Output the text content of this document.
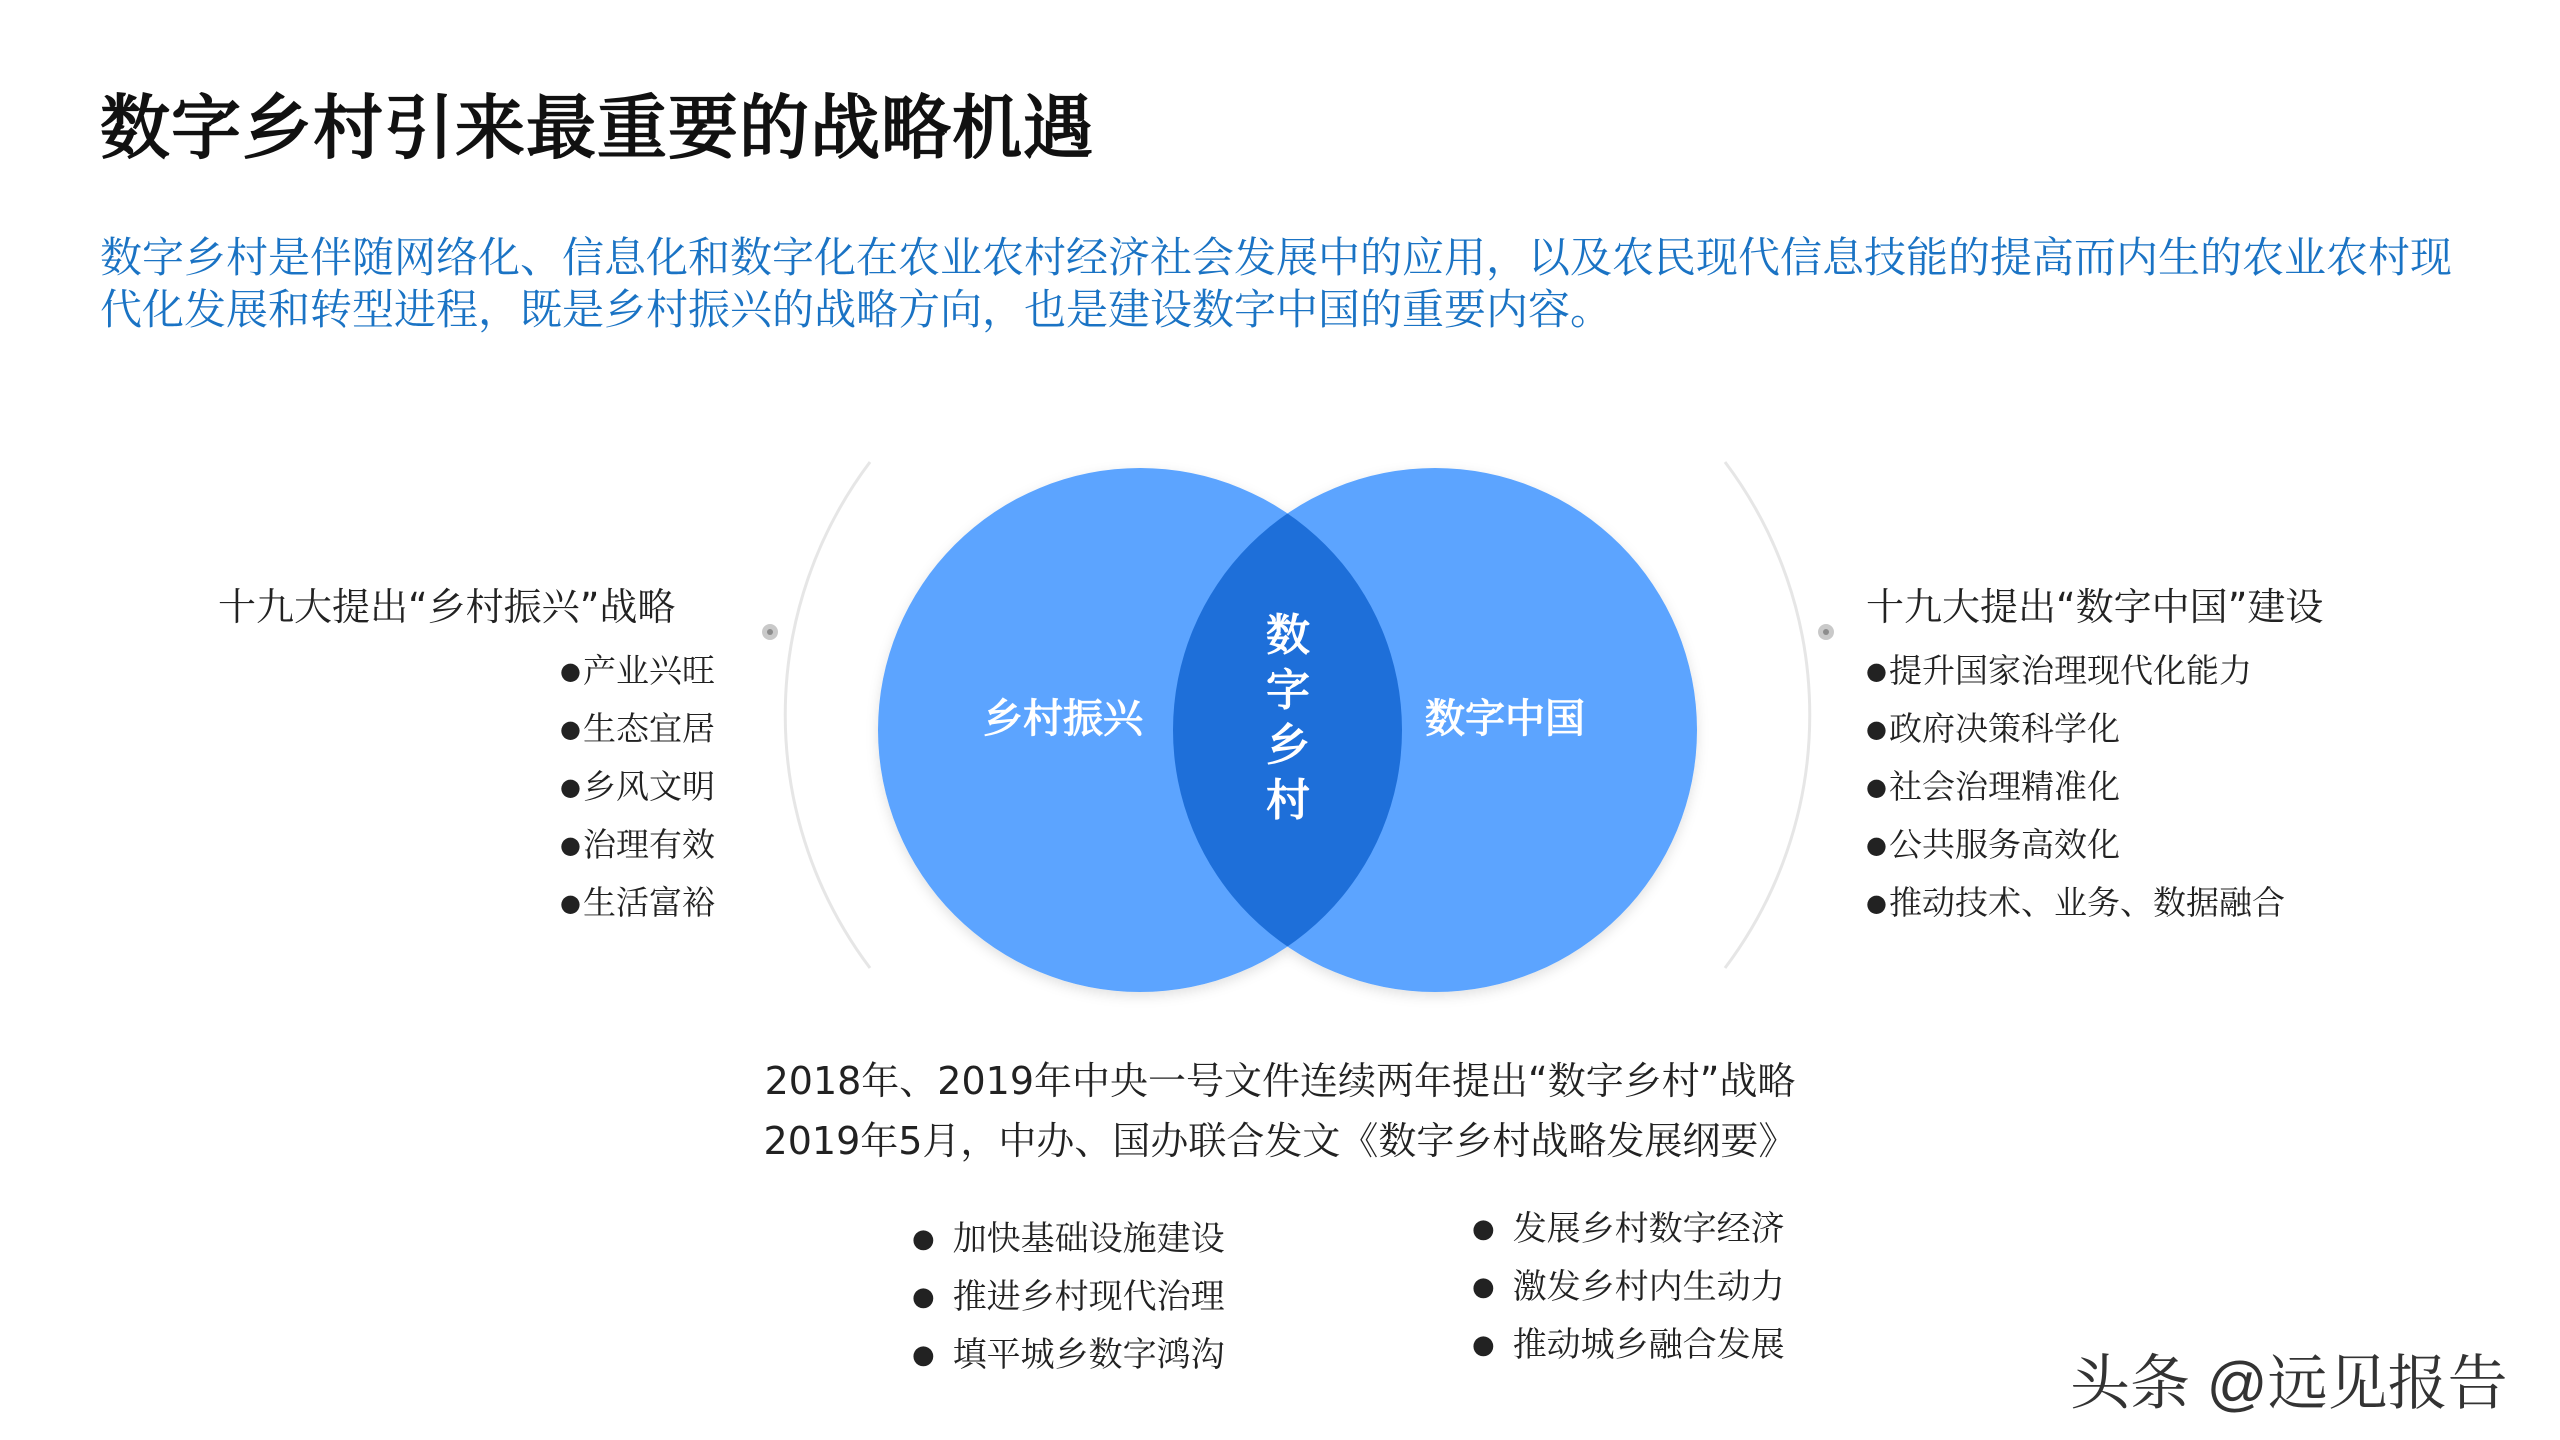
数字乡村引来最重要的战略机遇
数字乡村是伴随网络化、信息化和数字化在农业农村经济社会发展中的应用，以及农民现代信息技能的提高而内生的农业农村现代化发展和转型进程，既是乡村振兴的战略方向，也是建设数字中国的重要内容。
乡村振兴	数字中国
数
字
乡
村
十九大提出“乡村振兴”战略
●产业兴旺
●生态宜居
●乡风文明
●治理有效
●生活富裕
十九大提出“数字中国”建设
●提升国家治理现代化能力
●政府决策科学化
●社会治理精准化
●公共服务高效化
●推动技术、业务、数据融合
2018年、2019年中央一号文件连续两年提出“数字乡村”战略
2019年5月，中办、国办联合发文《数字乡村战略发展纲要》
● 加快基础设施建设
● 推进乡村现代治理
● 填平城乡数字鸿沟
● 发展乡村数字经济
● 激发乡村内生动力
● 推动城乡融合发展
头条 @远见报告
